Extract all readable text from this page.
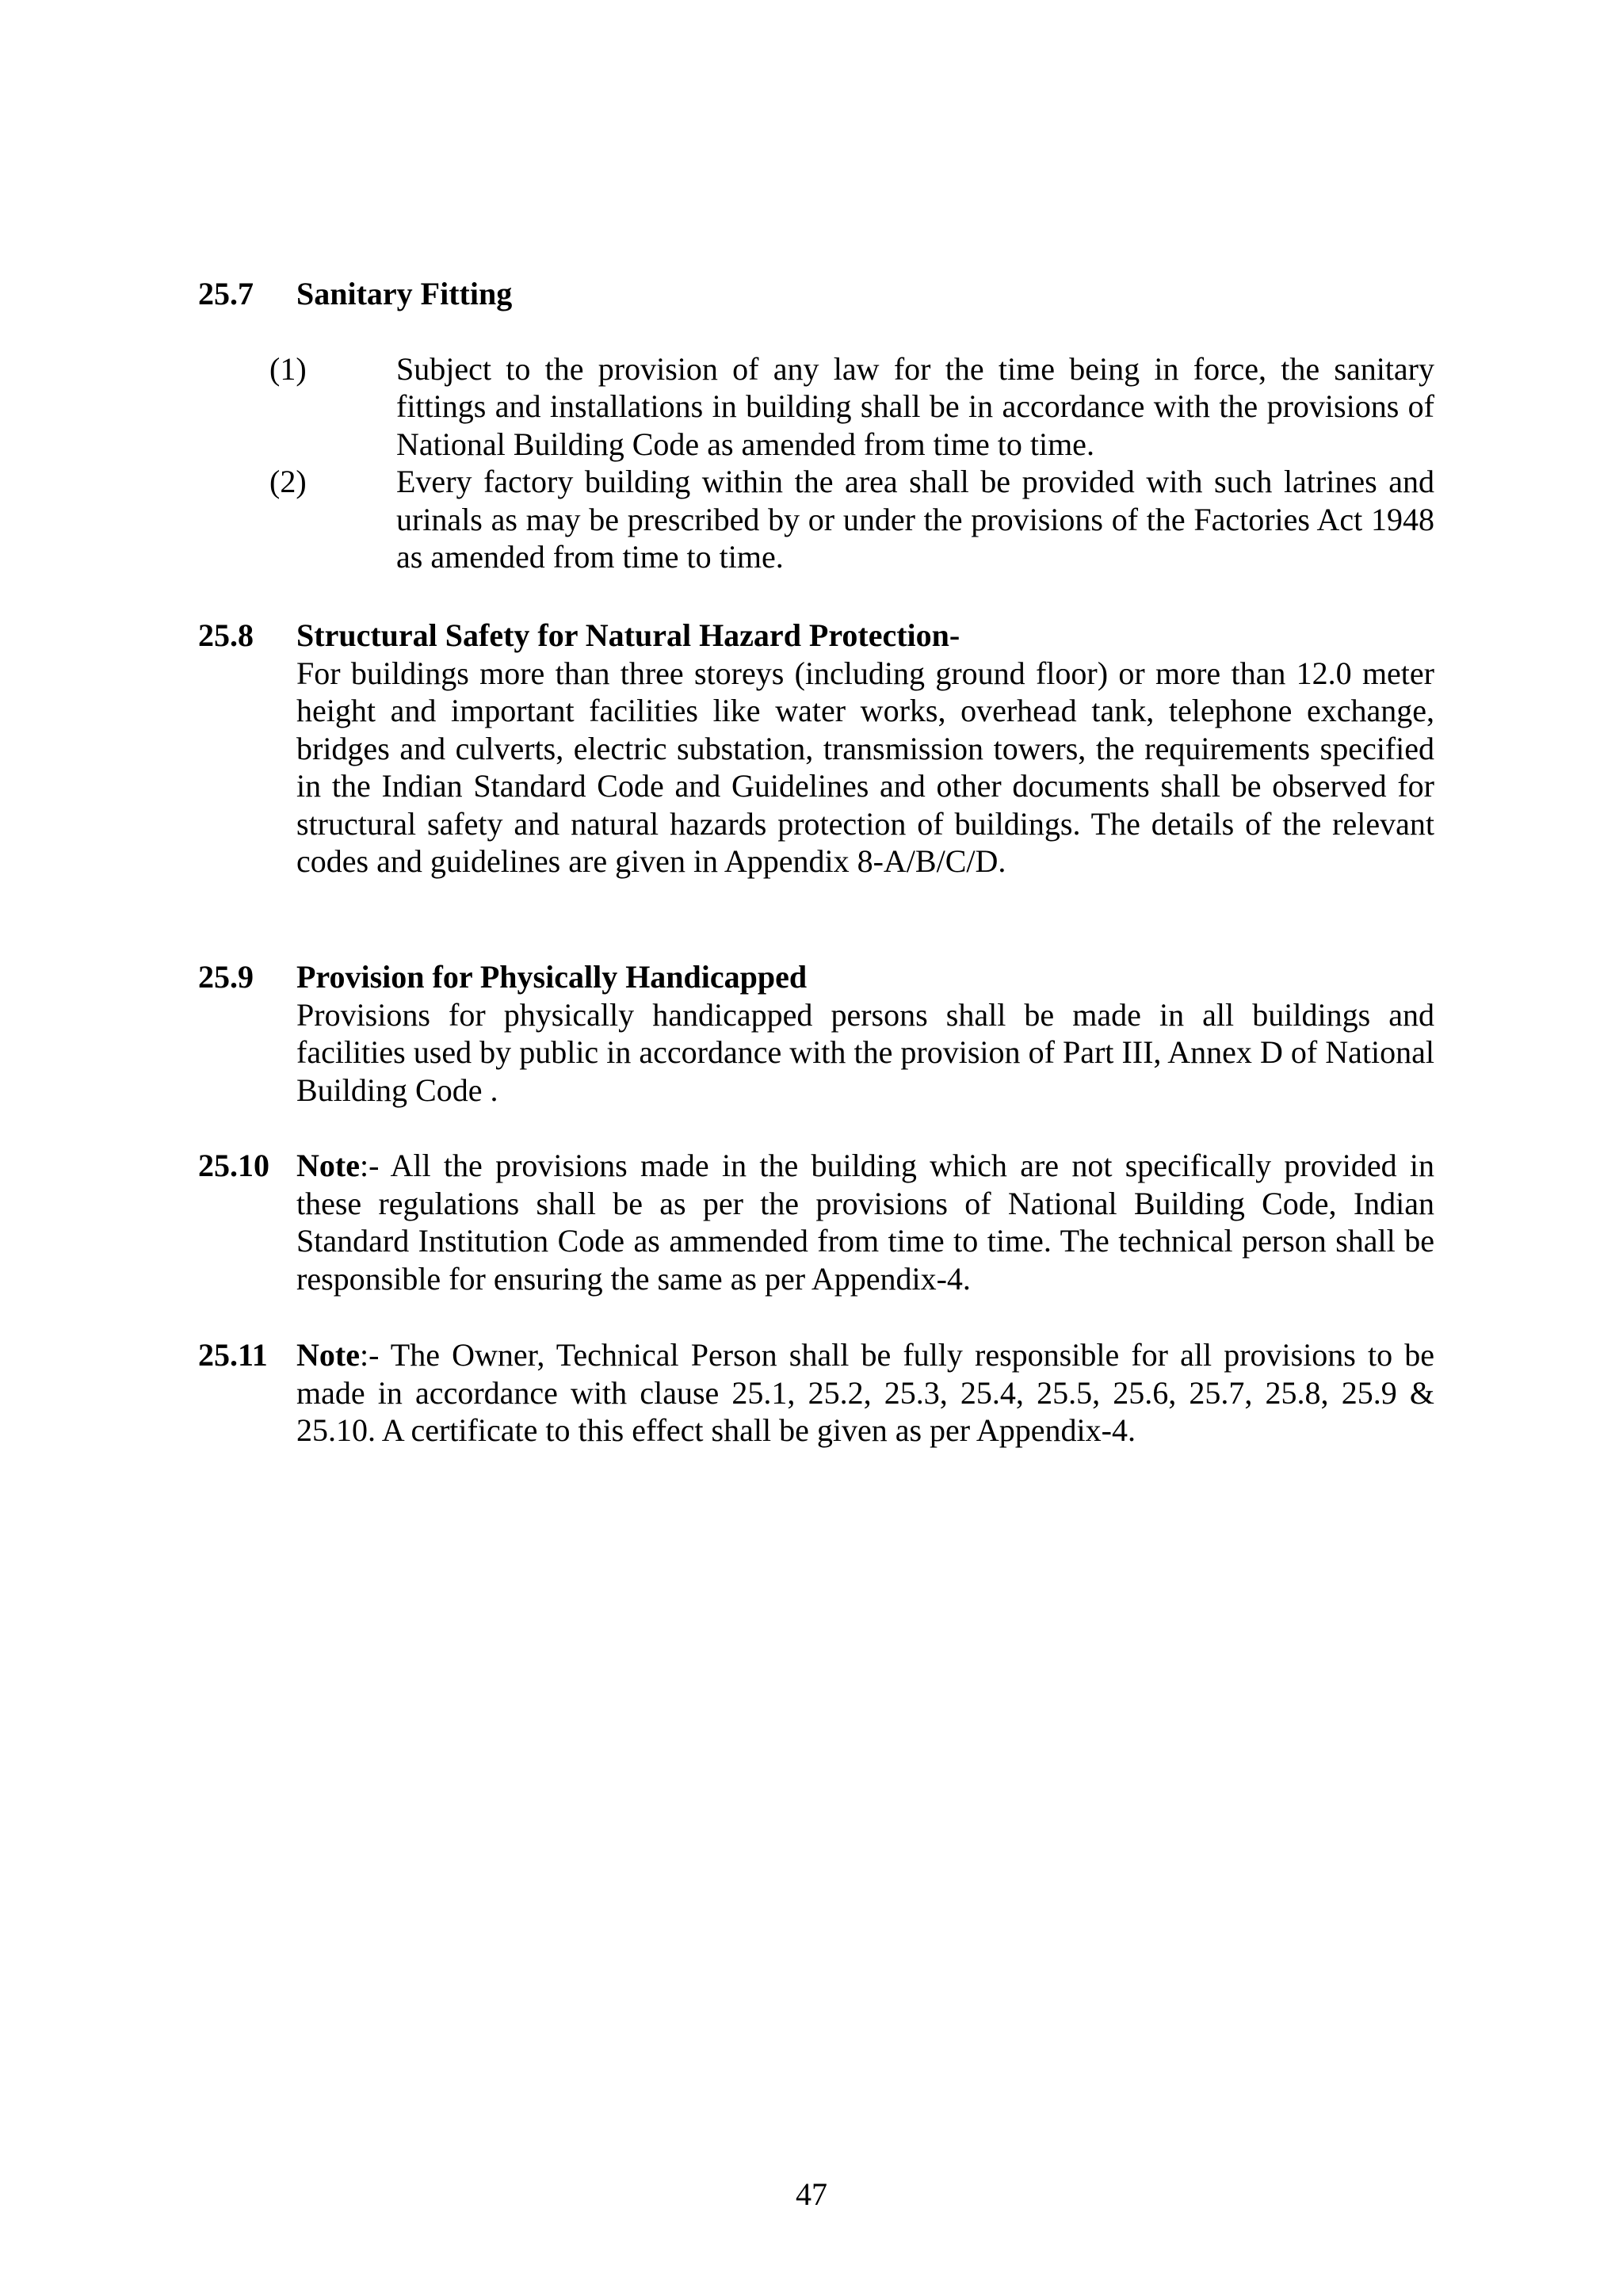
25.7 Sanitary Fitting
(1)	Subject to the provision of any law for the time being in force, the sanitary fittings and installations in building shall be in accordance with the provisions of National Building Code as amended from time to time.
(2)	Every factory building within the area shall be provided with such latrines and urinals as may be prescribed by or under the provisions of the Factories Act 1948 as amended from time to time.
25.8 Structural Safety for Natural Hazard Protection-
For buildings more than three storeys (including ground floor) or more than 12.0 meter height and important facilities like water works, overhead tank, telephone exchange, bridges and culverts, electric substation, transmission towers, the requirements specified in the Indian Standard Code and Guidelines and other documents shall be observed for structural safety and natural hazards protection of buildings. The details of the relevant codes and guidelines are given in Appendix 8-A/B/C/D.
25.9 Provision for Physically Handicapped
Provisions for physically handicapped persons shall be made in all buildings and facilities used by public in accordance with the provision of Part III, Annex D of National Building Code .
25.10 Note:- All the provisions made in the building which are not specifically provided in these regulations shall be as per the provisions of National Building Code, Indian Standard Institution Code as ammended from time to time. The technical person shall be responsible for ensuring the same as per Appendix-4.
25.11 Note:- The Owner, Technical Person shall be fully responsible for all provisions to be made in accordance with clause 25.1, 25.2, 25.3, 25.4, 25.5, 25.6, 25.7, 25.8, 25.9 & 25.10. A certificate to this effect shall be given as per Appendix-4.
47
